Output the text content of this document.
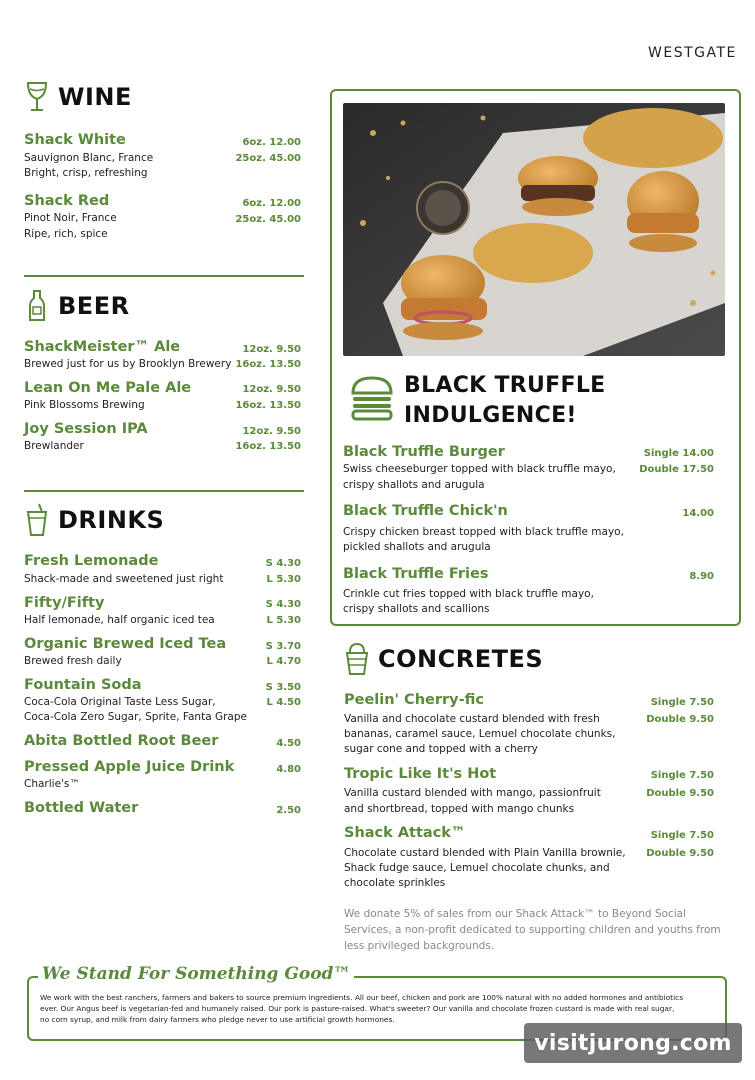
WESTGATE
WINE
Shack White
Sauvignon Blanc, France
Bright, crisp, refreshing
6oz. 12.00
25oz. 45.00
Shack Red
Pinot Noir, France
Ripe, rich, spice
6oz. 12.00
25oz. 45.00
BEER
ShackMeister™ Ale
Brewed just for us by Brooklyn Brewery
12oz. 9.50
16oz. 13.50
Lean On Me Pale Ale
Pink Blossoms Brewing
12oz. 9.50
16oz. 13.50
Joy Session IPA
Brewlander
12oz. 9.50
16oz. 13.50
DRINKS
Fresh Lemonade
Shack-made and sweetened just right
S 4.30
L 5.30
Fifty/Fifty
Half lemonade, half organic iced tea
S 4.30
L 5.30
Organic Brewed Iced Tea
Brewed fresh daily
S 3.70
L 4.70
Fountain Soda
Coca-Cola Original Taste Less Sugar,
Coca-Cola Zero Sugar, Sprite, Fanta Grape
S 3.50
L 4.50
Abita Bottled Root Beer	4.50
Pressed Apple Juice Drink
Charlie's™
4.80
Bottled Water	2.50
BLACK TRUFFLE
INDULGENCE!
Black Truffle Burger
Swiss cheeseburger topped with black truffle mayo,
crispy shallots and arugula
Single 14.00
Double 17.50
Black Truffle Chick'n
Crispy chicken breast topped with black truffle mayo,
pickled shallots and arugula
14.00
Black Truffle Fries
Crinkle cut fries topped with black truffle mayo,
crispy shallots and scallions
8.90
CONCRETES
Peelin' Cherry-fic
Vanilla and chocolate custard blended with fresh
bananas, caramel sauce, Lemuel chocolate chunks,
sugar cone and topped with a cherry
Single 7.50
Double 9.50
Tropic Like It's Hot
Vanilla custard blended with mango, passionfruit
and shortbread, topped with mango chunks
Single 7.50
Double 9.50
Shack Attack™
Chocolate custard blended with Plain Vanilla brownie,
Shack fudge sauce, Lemuel chocolate chunks, and
chocolate sprinkles
Single 7.50
Double 9.50
We donate 5% of sales from our Shack Attack™ to Beyond Social
Services, a non-profit dedicated to supporting children and youths from
less privileged backgrounds.
We Stand For Something Good™
We work with the best ranchers, farmers and bakers to source premium ingredients. All our beef, chicken and pork are 100% natural with no added hormones and antibiotics
ever. Our Angus beef is vegetarian-fed and humanely raised. Our pork is pasture-raised. What's sweeter? Our vanilla and chocolate frozen custard is made with real sugar,
no corn syrup, and milk from dairy farmers who pledge never to use artificial growth hormones.
visitjurong.com
